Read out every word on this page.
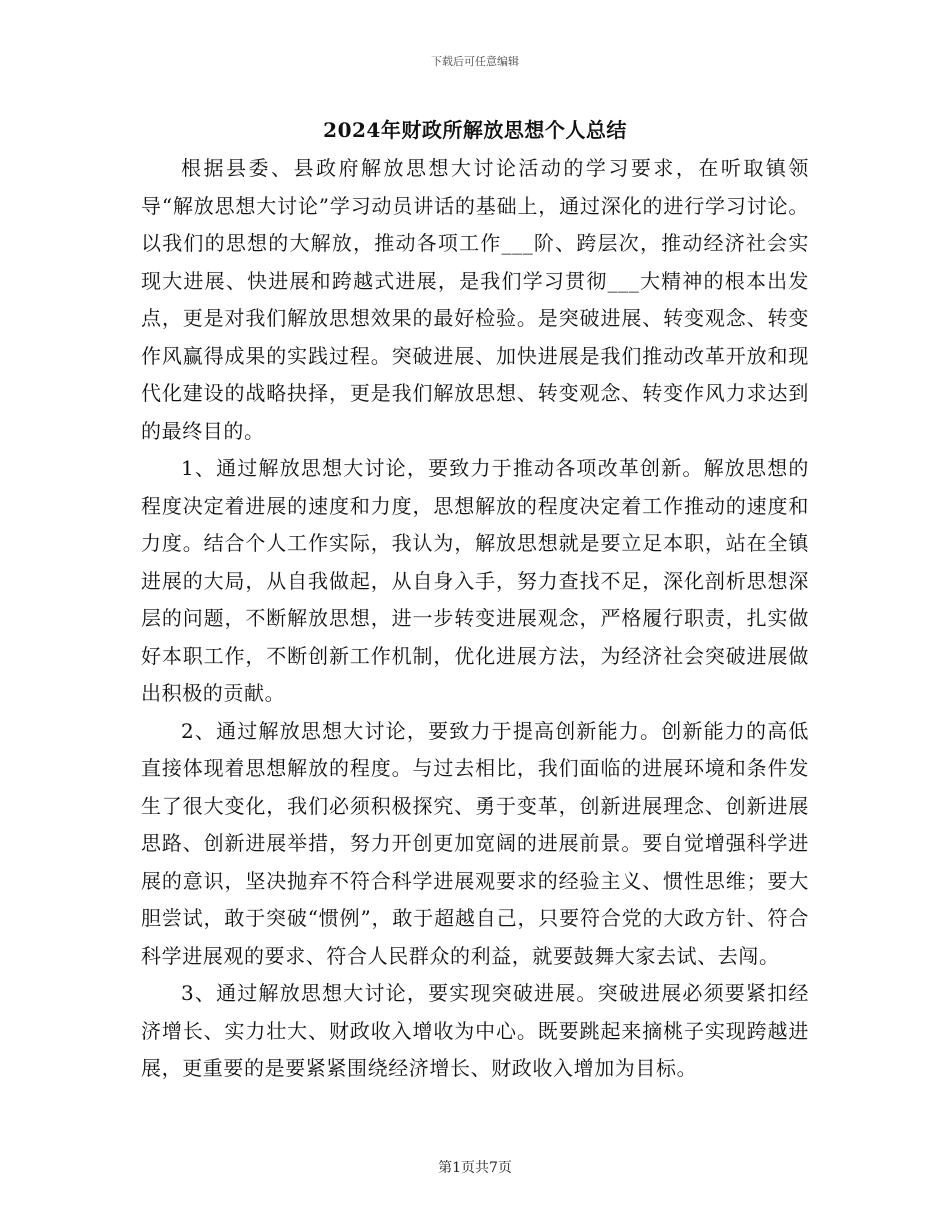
下载后可任意编辑
2024年财政所解放思想个人总结

根据县委、县政府解放思想大讨论活动的学习要求，在听取镇领导“解放思想大讨论”学习动员讲话的基础上，通过深化的进行学习讨论。以我们的思想的大解放，推动各项工作___阶、跨层次，推动经济社会实现大进展、快进展和跨越式进展，是我们学习贯彻___大精神的根本出发点，更是对我们解放思想效果的最好检验。是突破进展、转变观念、转变作风赢得成果的实践过程。突破进展、加快进展是我们推动改革开放和现代化建设的战略抉择，更是我们解放思想、转变观念、转变作风力求达到的最终目的。

1、通过解放思想大讨论，要致力于推动各项改革创新。解放思想的程度决定着进展的速度和力度，思想解放的程度决定着工作推动的速度和力度。结合个人工作实际，我认为，解放思想就是要立足本职，站在全镇进展的大局，从自我做起，从自身入手，努力查找不足，深化剖析思想深层的问题，不断解放思想，进一步转变进展观念，严格履行职责，扎实做好本职工作，不断创新工作机制，优化进展方法，为经济社会突破进展做出积极的贡献。

2、通过解放思想大讨论，要致力于提高创新能力。创新能力的高低直接体现着思想解放的程度。与过去相比，我们面临的进展环境和条件发生了很大变化，我们必须积极探究、勇于变革，创新进展理念、创新进展思路、创新进展举措，努力开创更加宽阔的进展前景。要自觉增强科学进展的意识，坚决抛弃不符合科学进展观要求的经验主义、惯性思维；要大胆尝试，敢于突破“惯例”，敢于超越自己，只要符合党的大政方针、符合科学进展观的要求、符合人民群众的利益，就要鼓舞大家去试、去闯。

3、通过解放思想大讨论，要实现突破进展。突破进展必须要紧扣经济增长、实力壮大、财政收入增收为中心。既要跳起来摘桃子实现跨越进展，更重要的是要紧紧围绕经济增长、财政收入增加为目标。

第1页共7页
